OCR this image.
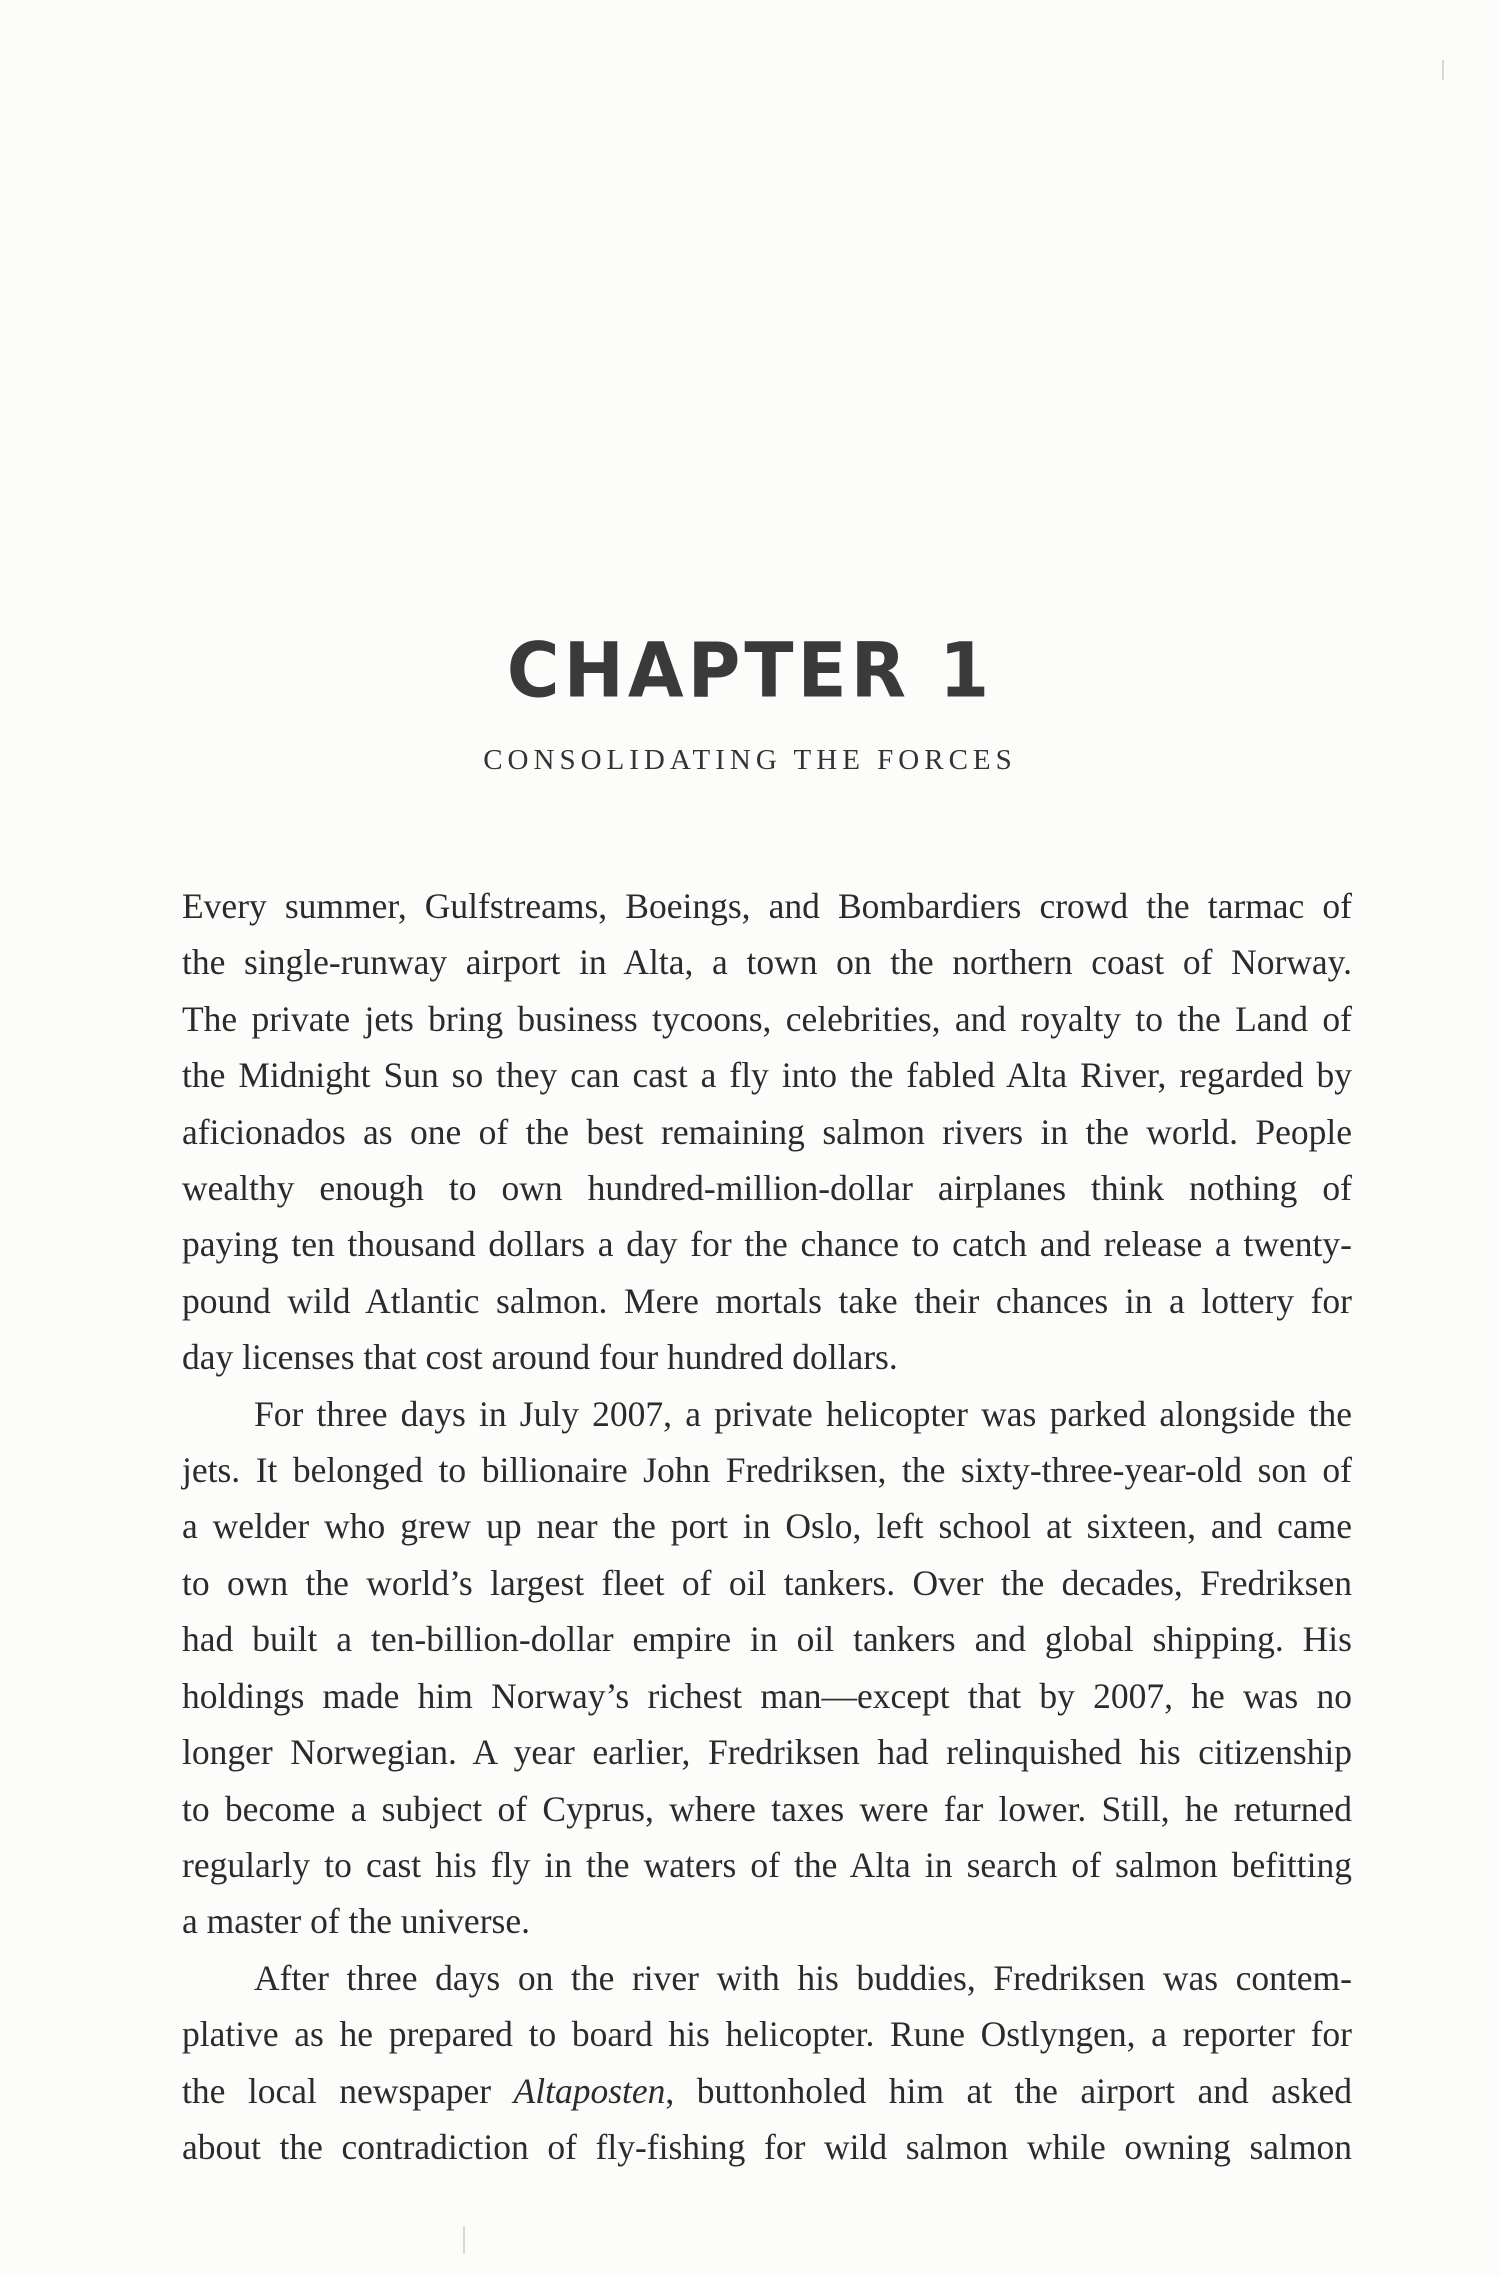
CHAPTER 1
CONSOLIDATING THE FORCES

Every summer, Gulfstreams, Boeings, and Bombardiers crowd the tarmac of
the single-runway airport in Alta, a town on the northern coast of Norway.
The private jets bring business tycoons, celebrities, and royalty to the Land of
the Midnight Sun so they can cast a fly into the fabled Alta River, regarded by
aficionados as one of the best remaining salmon rivers in the world. People
wealthy enough to own hundred-million-dollar airplanes think nothing of
paying ten thousand dollars a day for the chance to catch and release a twenty-
pound wild Atlantic salmon. Mere mortals take their chances in a lottery for
day licenses that cost around four hundred dollars.

For three days in July 2007, a private helicopter was parked alongside the
jets. It belonged to billionaire John Fredriksen, the sixty-three-year-old son of
a welder who grew up near the port in Oslo, left school at sixteen, and came
to own the world’s largest fleet of oil tankers. Over the decades, Fredriksen
had built a ten-billion-dollar empire in oil tankers and global shipping. His
holdings made him Norway’s richest man—except that by 2007, he was no
longer Norwegian. A year earlier, Fredriksen had relinquished his citizenship
to become a subject of Cyprus, where taxes were far lower. Still, he returned
regularly to cast his fly in the waters of the Alta in search of salmon befitting
a master of the universe.

After three days on the river with his buddies, Fredriksen was contem-
plative as he prepared to board his helicopter. Rune Ostlyngen, a reporter for
the local newspaper Altaposten, buttonholed him at the airport and asked
about the contradiction of fly-fishing for wild salmon while owning salmon
